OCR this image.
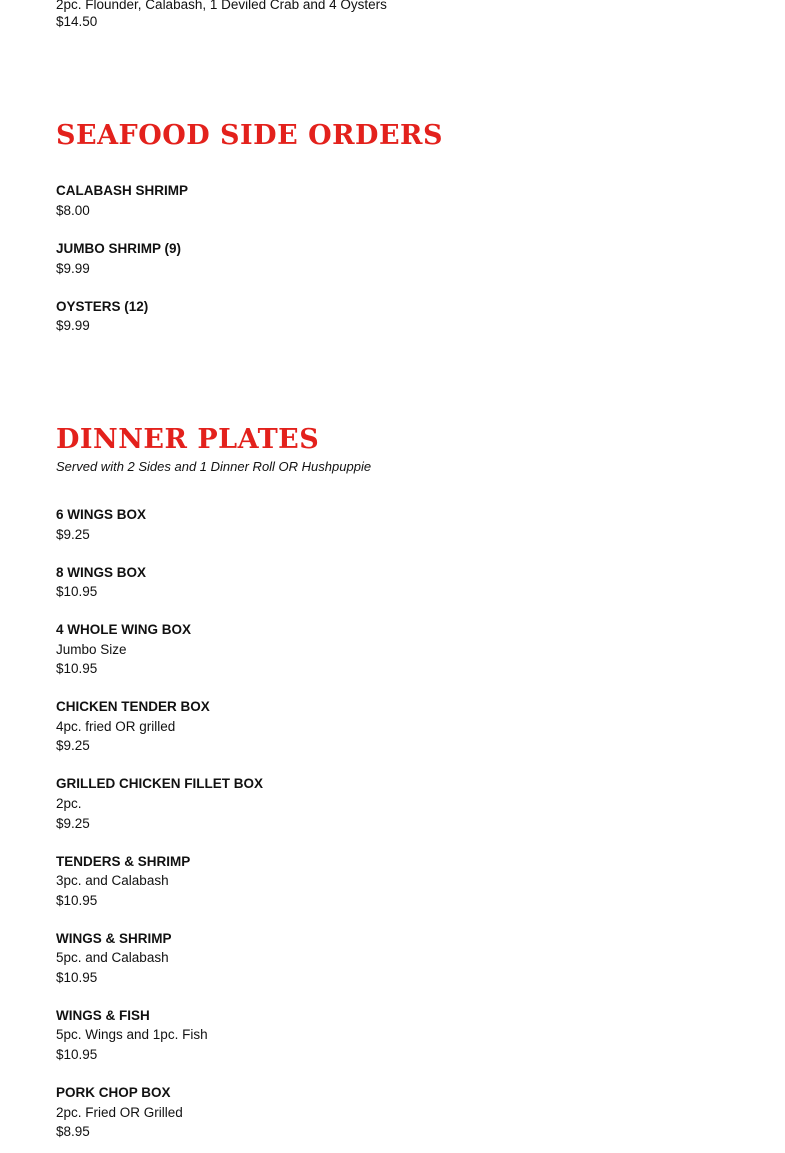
2pc. Flounder, Calabash, 1 Deviled Crab and 4 Oysters

$14.50

SEAFOOD SIDE ORDERS

CALABASH SHRIMP

$8.00

JUMBO SHRIMP (9)

$9.99

OYSTERS (12)

$9.99

DINNER PLATES

Served with 2 Sides and 1 Dinner Roll OR Hushpuppie

6 WINGS BOX

$9.25

8 WINGS BOX

$10.95

4 WHOLE WING BOX

Jumbo Size

$10.95

CHICKEN TENDER BOX

4pc. fried OR grilled

$9.25

GRILLED CHICKEN FILLET BOX

2pc.

$9.25

TENDERS & SHRIMP

3pc. and Calabash

$10.95

WINGS & SHRIMP

5pc. and Calabash

$10.95

WINGS & FISH

5pc. Wings and 1pc. Fish

$10.95

PORK CHOP BOX

2pc. Fried OR Grilled

$8.95
